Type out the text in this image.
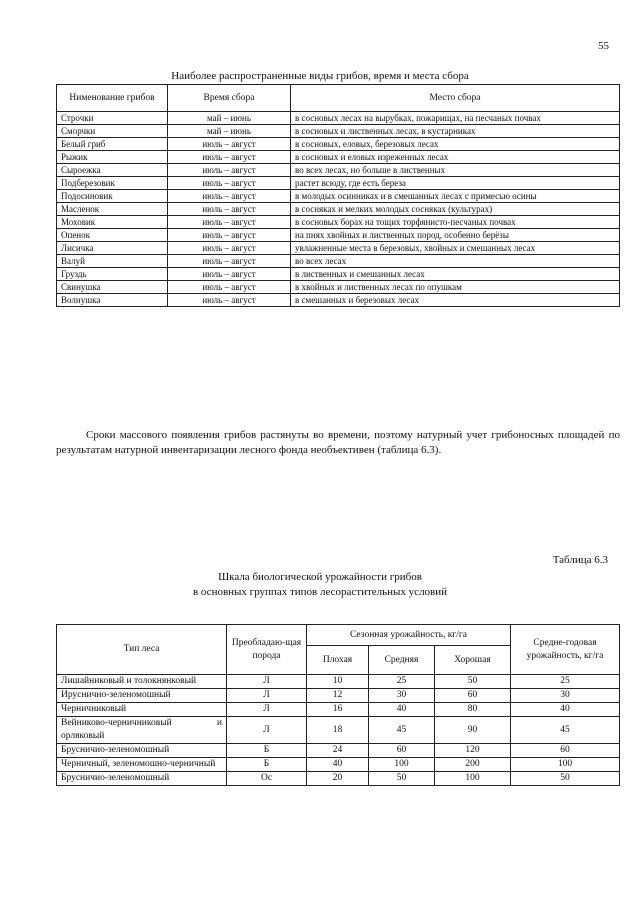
55
Наиболее распространенные виды грибов, время и места сбора
Нименование грибов	Время сбора	Место сбора
Строчки	май – июнь	в сосновых лесах на вырубках, пожарищах, на песчаных почвах
Сморчки	май – июнь	в сосновых и лиственных лесах, в кустарниках
Белый гриб	июль – август	в сосновых, еловых, березовых лесах
Рыжик	июль – август	в сосновых и еловых изреженных лесах
Сыроежка	июль – август	во всех лесах, но больше в лиственных
Подберезовик	июль – август	растет всюду, где есть береза
Подосиновик	июль – август	в молодых осинниках и в смешанных лесах с примесью осины
Масленок	июль – август	в сосняках и мелких молодых сосняках (культурах)
Моховик	июль – август	в сосновых борах на тощих торфянисто-песчаных почвах
Опенок	июль – август	на пнях хвойных и лиственных пород, особенно берёзы
Лисичка	июль – август	увлажненные места в березовых, хвойных и смешанных лесах
Валуй	июль – август	во всех лесах
Груздь	июль – август	в лиственных и смешанных лесах
Свинушка	июль – август	в хвойных и лиственных лесах по опушкам
Волнушка	июль – август	в смешанных и березовых лесах
Сроки массового появления грибов растянуты во времени, поэтому натурный учет грибоносных площадей по результатам натурной инвентаризации лесного фонда необъективен (таблица 6.3).
Таблица 6.3
Шкала биологической урожайности грибов
в основных группах типов лесорастительных условий
Тип леса	Преобладаю-щая порода	Сезонная урожайность, кг/га			Средне-годовая урожайность, кг/га
		Плохая	Средняя	Хорошая	
Лишайниковый и толокнянковый	Л	10	25	50	25
Ируснично-зеленомошный	Л	12	30	60	30
Черничниковый	Л	16	40	80	40
Вейниково-черничниковый и орляковый	Л	18	45	90	45
Брусничио-зеленомошный	Б	24	60	120	60
Черничный, зеленомошно-черничный	Б	40	100	200	100
Брусничио-зеленомошный	Ос	20	50	100	50
